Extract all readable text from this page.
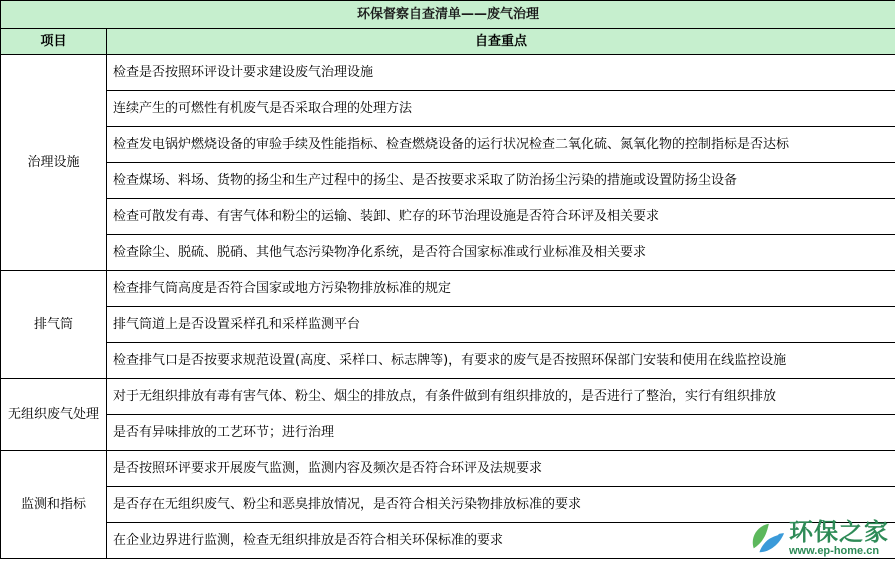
环保督察自查清单——废气治理	
项目	自查重点
治理设施	检查是否按照环评设计要求建设废气治理设施
	连续产生的可燃性有机废气是否采取合理的处理方法
	检查发电锅炉燃烧设备的审验手续及性能指标、检查燃烧设备的运行状况检查二氧化硫、氮氧化物的控制指标是否达标
	检查煤场、料场、货物的扬尘和生产过程中的扬尘、是否按要求采取了防治扬尘污染的措施或设置防扬尘设备
	检查可散发有毒、有害气体和粉尘的运输、装卸、贮存的环节治理设施是否符合环评及相关要求
	检查除尘、脱硫、脱硝、其他气态污染物净化系统，是否符合国家标准或行业标准及相关要求
排气筒	检查排气筒高度是否符合国家或地方污染物排放标准的规定
	排气筒道上是否设置采样孔和采样监测平台
	检查排气口是否按要求规范设置(高度、采样口、标志牌等)，有要求的废气是否按照环保部门安装和使用在线监控设施
无组织废气处理	对于无组织排放有毒有害气体、粉尘、烟尘的排放点，有条件做到有组织排放的，是否进行了整治，实行有组织排放
	是否有异味排放的工艺环节；进行治理
监测和指标	是否按照环评要求开展废气监测，监测内容及频次是否符合环评及法规要求
	是否存在无组织废气、粉尘和恶臭排放情况，是否符合相关污染物排放标准的要求
	在企业边界进行监测，检查无组织排放是否符合相关环保标准的要求	环保之家
www.ep-home.cn
